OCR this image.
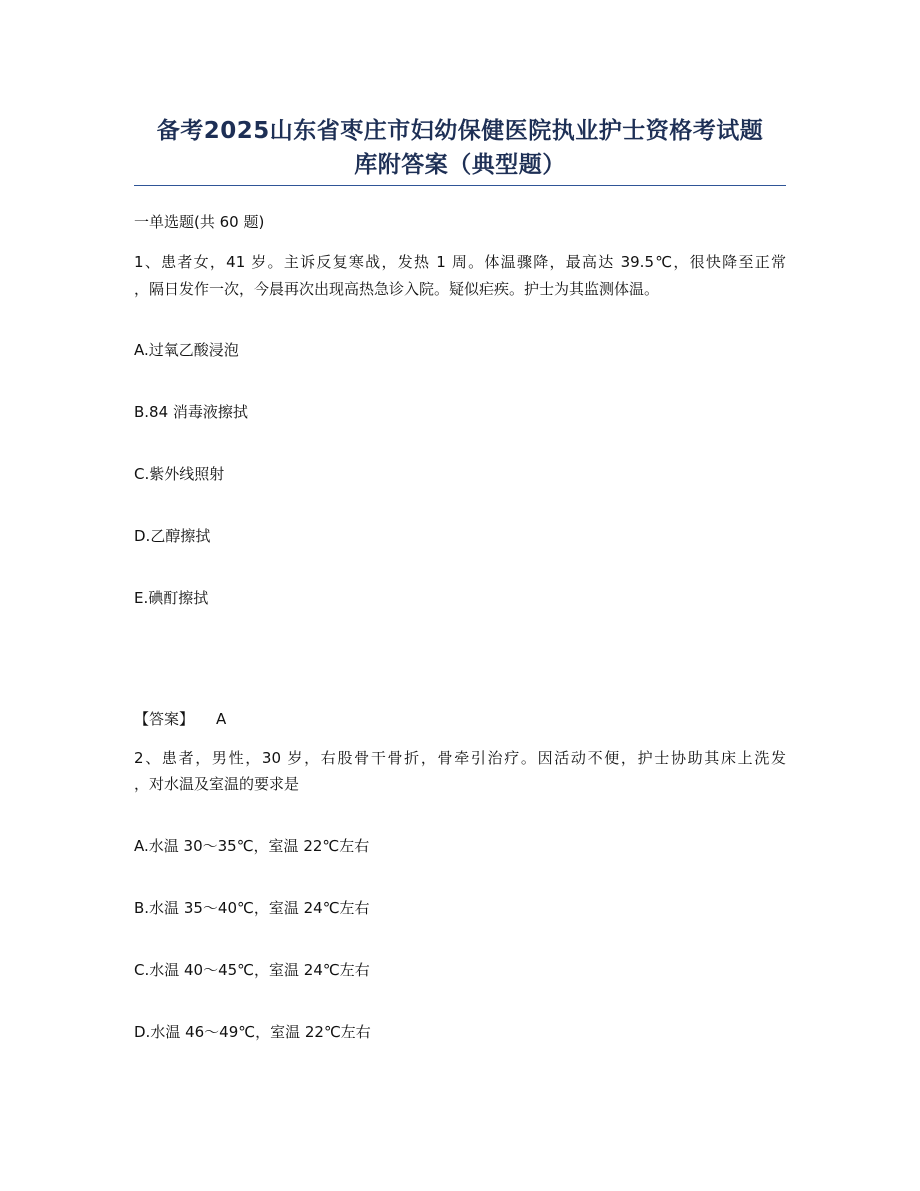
备考2025山东省枣庄市妇幼保健医院执业护士资格考试题
库附答案（典型题）
一单选题(共 60 题)
1、患者女，41 岁。主诉反复寒战，发热 1 周。体温骤降，最高达 39.5℃，很快降至正常
，隔日发作一次，今晨再次出现高热急诊入院。疑似疟疾。护士为其监测体温。
A.过氧乙酸浸泡
B.84 消毒液擦拭
C.紫外线照射
D.乙醇擦拭
E.碘酊擦拭
【答案】 A
2、患者，男性，30 岁，右股骨干骨折，骨牵引治疗。因活动不便，护士协助其床上洗发
，对水温及室温的要求是
A.水温 30～35℃，室温 22℃左右
B.水温 35～40℃，室温 24℃左右
C.水温 40～45℃，室温 24℃左右
D.水温 46～49℃，室温 22℃左右
